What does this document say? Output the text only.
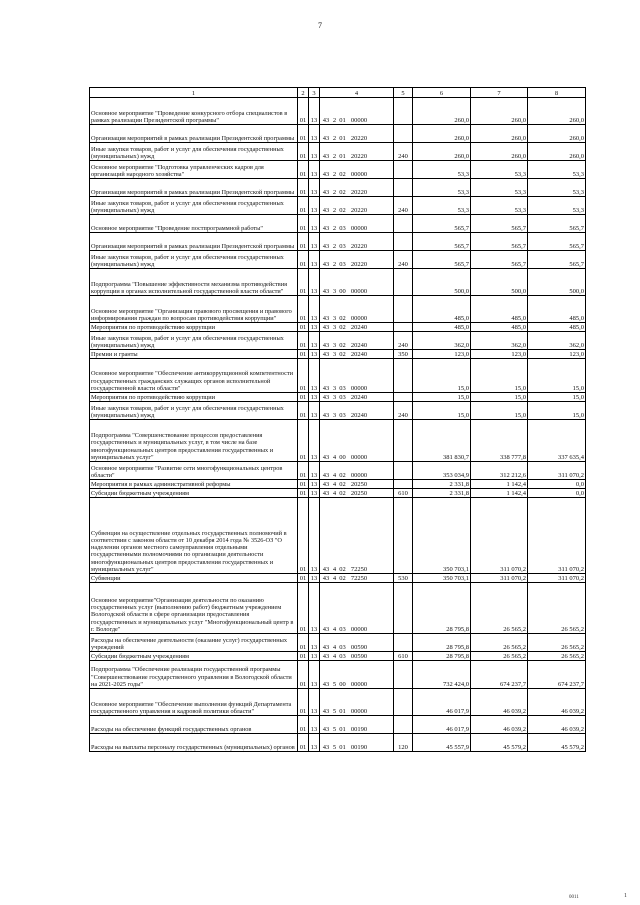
7
1	2	3	4	5	6	7	8
Основное мероприятие "Проведение конкурсного отбора специалистов в рамках реализации Президентской программы"	01	13	43 2 01 00000		260,0	260,0	260,0
Организация мероприятий в рамках реализации Президентской программы	01	13	43 2 01 20220		260,0	260,0	260,0
Иные закупки товаров, работ и услуг для обеспечения государственных (муниципальных) нужд	01	13	43 2 01 20220	240	260,0	260,0	260,0
Основное мероприятие "Подготовка управленческих кадров для организаций народного хозяйства"	01	13	43 2 02 00000		53,3	53,3	53,3
Организация мероприятий в рамках реализации Президентской программы	01	13	43 2 02 20220		53,3	53,3	53,3
Иные закупки товаров, работ и услуг для обеспечения государственных (муниципальных) нужд	01	13	43 2 02 20220	240	53,3	53,3	53,3
Основное мероприятие "Проведение постпрограммной работы"	01	13	43 2 03 00000		565,7	565,7	565,7
Организация мероприятий в рамках реализации Президентской программы	01	13	43 2 03 20220		565,7	565,7	565,7
Иные закупки товаров, работ и услуг для обеспечения государственных (муниципальных) нужд	01	13	43 2 03 20220	240	565,7	565,7	565,7
Подпрограмма "Повышение эффективности механизма противодействия коррупции в органах исполнительной государственной власти области"	01	13	43 3 00 00000		500,0	500,0	500,0
Основное мероприятие "Организация правового просвещения и правового информирования граждан по вопросам противодействия коррупции"	01	13	43 3 02 00000		485,0	485,0	485,0
Мероприятия по противодействию коррупции	01	13	43 3 02 20240		485,0	485,0	485,0
Иные закупки товаров, работ и услуг для обеспечения государственных (муниципальных) нужд	01	13	43 3 02 20240	240	362,0	362,0	362,0
Премии и гранты	01	13	43 3 02 20240	350	123,0	123,0	123,0
Основное мероприятие "Обеспечение антикоррупционной компетентности государственных гражданских служащих органов исполнительной государственной власти области"	01	13	43 3 03 00000		15,0	15,0	15,0
Мероприятия по противодействию коррупции	01	13	43 3 03 20240		15,0	15,0	15,0
Иные закупки товаров, работ и услуг для обеспечения государственных (муниципальных) нужд	01	13	43 3 03 20240	240	15,0	15,0	15,0
Подпрограмма "Совершенствование процессов предоставления государственных и муниципальных услуг, в том числе на базе многофункциональных центров предоставления государственных и муниципальных услуг"	01	13	43 4 00 00000		381 830,7	338 777,8	337 635,4
Основное мероприятие "Развитие сети многофункциональных центров области"	01	13	43 4 02 00000		353 034,9	312 212,6	311 070,2
Мероприятия в рамках административной реформы	01	13	43 4 02 20250		2 331,8	1 142,4	0,0
Субсидии бюджетным учреждениям	01	13	43 4 02 20250	610	2 331,8	1 142,4	0,0
Субвенция на осуществление отдельных государственных полномочий в соответствии с законом области от 10 декабря 2014 года № 3526-ОЗ "О наделении органов местного самоуправления отдельными государственными полномочиями по организации деятельности многофункциональных центров предоставления государственных и муниципальных услуг"	01	13	43 4 02 72250		350 703,1	311 070,2	311 070,2
Субвенции	01	13	43 4 02 72250	530	350 703,1	311 070,2	311 070,2
Основное мероприятие"Организация деятельности по оказанию государственных услуг (выполнению работ) бюджетным учреждением Вологодской области в сфере организации предоставления государственных и муниципальных услуг "Многофункциональный центр в г. Вологде"	01	13	43 4 03 00000		28 795,8	26 565,2	26 565,2
Расходы на обеспечение деятельности (оказание услуг) государственных учреждений	01	13	43 4 03 00590		28 795,8	26 565,2	26 565,2
Субсидии бюджетным учреждениям	01	13	43 4 03 00590	610	28 795,8	26 565,2	26 565,2
Подпрограмма "Обеспечение реализации государственной программы "Совершенствование государственного управления в Вологодской области на 2021-2025 годы"	01	13	43 5 00 00000		732 424,0	674 237,7	674 237,7
Основное мероприятие "Обеспечение выполнения функций Департамента государственного управления и кадровой политики области"	01	13	43 5 01 00000		46 017,9	46 039,2	46 039,2
Расходы на обеспечение функций государственных органов	01	13	43 5 01 00190		46 017,9	46 039,2	46 039,2
Расходы на выплаты персоналу государственных (муниципальных) органов	01	13	43 5 01 00190	120	45 557,9	45 579,2	45 579,2
0011	1
